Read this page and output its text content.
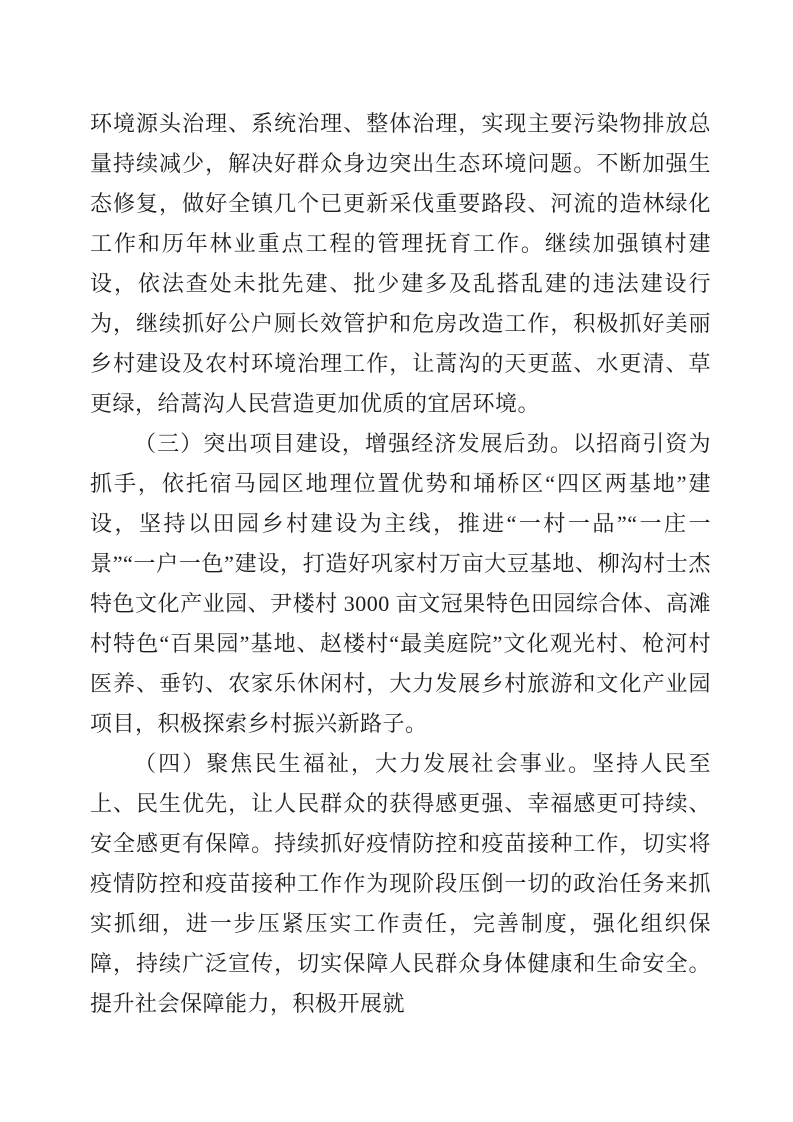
环境源头治理、系统治理、整体治理，实现主要污染物排放总量持续减少，解决好群众身边突出生态环境问题。不断加强生态修复，做好全镇几个已更新采伐重要路段、河流的造林绿化工作和历年林业重点工程的管理抚育工作。继续加强镇村建设，依法查处未批先建、批少建多及乱搭乱建的违法建设行为，继续抓好公户厕长效管护和危房改造工作，积极抓好美丽乡村建设及农村环境治理工作，让蒿沟的天更蓝、水更清、草更绿，给蒿沟人民营造更加优质的宜居环境。

（三）突出项目建设，增强经济发展后劲。以招商引资为抓手，依托宿马园区地理位置优势和埇桥区“四区两基地”建设，坚持以田园乡村建设为主线，推进“一村一品”“一庄一景”“一户一色”建设，打造好巩家村万亩大豆基地、柳沟村士杰特色文化产业园、尹楼村 3000 亩文冠果特色田园综合体、高滩村特色“百果园”基地、赵楼村“最美庭院”文化观光村、枪河村医养、垂钓、农家乐休闲村，大力发展乡村旅游和文化产业园项目，积极探索乡村振兴新路子。

（四）聚焦民生福祉，大力发展社会事业。坚持人民至上、民生优先，让人民群众的获得感更强、幸福感更可持续、安全感更有保障。持续抓好疫情防控和疫苗接种工作，切实将疫情防控和疫苗接种工作作为现阶段压倒一切的政治任务来抓实抓细，进一步压紧压实工作责任，完善制度，强化组织保障，持续广泛宣传，切实保障人民群众身体健康和生命安全。提升社会保障能力，积极开展就
